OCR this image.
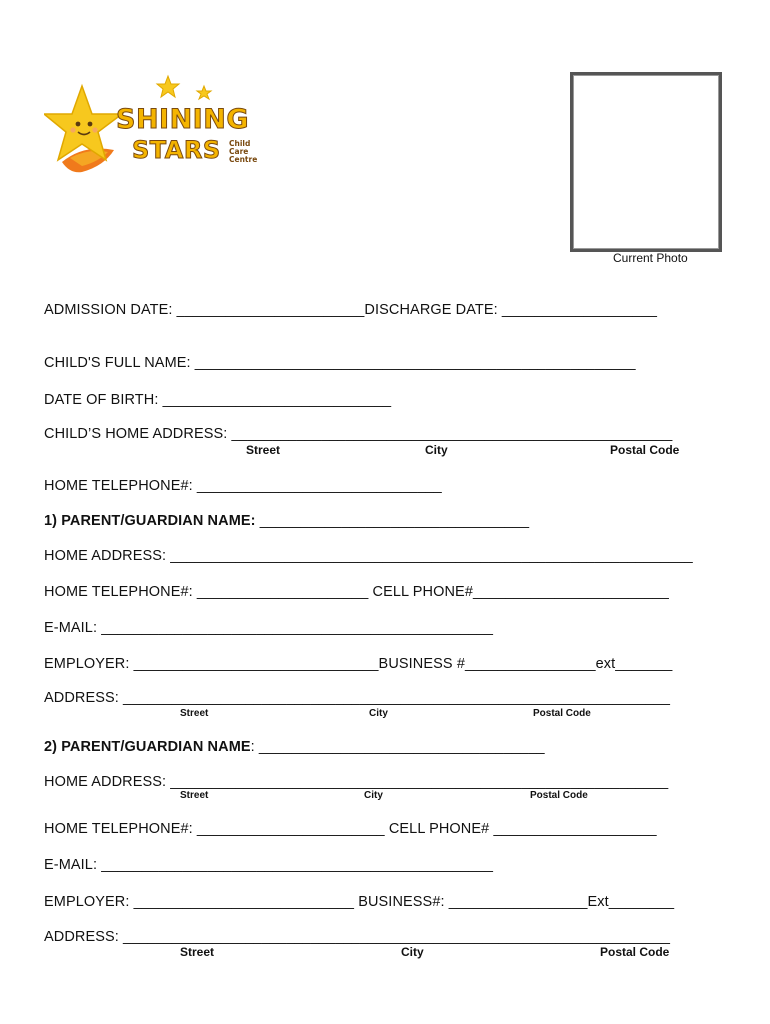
SHINING
STARS Child
Care
Centre
Current Photo
ADMISSION DATE: _______________________DISCHARGE DATE: ___________________
CHILD'S FULL NAME: ______________________________________________________
DATE OF BIRTH: ____________________________
CHILD’S HOME ADDRESS: ______________________________________________________
Street	City	Postal Code
HOME TELEPHONE#: ______________________________
1) PARENT/GUARDIAN NAME: _________________________________
HOME ADDRESS: ________________________________________________________________
HOME TELEPHONE#: _____________________ CELL PHONE#________________________
E-MAIL: ________________________________________________
EMPLOYER: ______________________________BUSINESS #________________ext_______
ADDRESS: ___________________________________________________________________
Street	City	Postal Code
2) PARENT/GUARDIAN NAME: ___________________________________
HOME ADDRESS: _____________________________________________________________
Street	City	Postal Code
HOME TELEPHONE#: _______________________ CELL PHONE# ____________________
E-MAIL: ________________________________________________
EMPLOYER: ___________________________ BUSINESS#: _________________Ext________
ADDRESS: ___________________________________________________________________
Street	City	Postal Code
